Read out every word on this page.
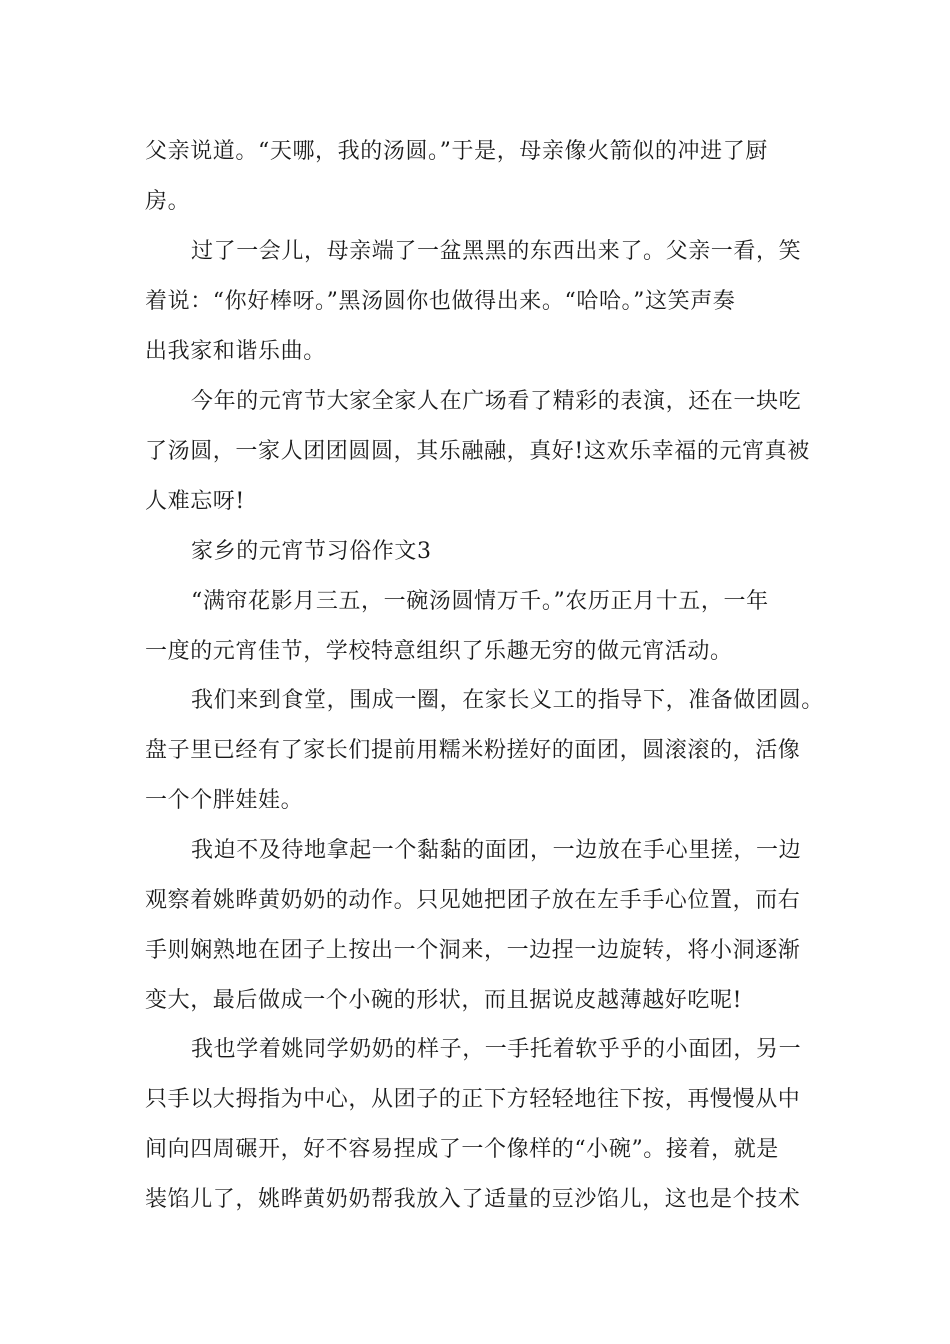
父亲说道。“天哪，我的汤圆。”于是，母亲像火箭似的冲进了厨
房。
过了一会儿，母亲端了一盆黑黑的东西出来了。父亲一看，笑
着说：“你好棒呀。”黑汤圆你也做得出来。“哈哈。”这笑声奏
出我家和谐乐曲。
今年的元宵节大家全家人在广场看了精彩的表演，还在一块吃
了汤圆，一家人团团圆圆，其乐融融，真好!这欢乐幸福的元宵真被
人难忘呀!
家乡的元宵节习俗作文3
“满帘花影月三五，一碗汤圆情万千。”农历正月十五，一年
一度的元宵佳节，学校特意组织了乐趣无穷的做元宵活动。
我们来到食堂，围成一圈，在家长义工的指导下，准备做团圆。
盘子里已经有了家长们提前用糯米粉搓好的面团，圆滚滚的，活像
一个个胖娃娃。
我迫不及待地拿起一个黏黏的面团，一边放在手心里搓，一边
观察着姚晔黄奶奶的动作。只见她把团子放在左手手心位置，而右
手则娴熟地在团子上按出一个洞来，一边捏一边旋转，将小洞逐渐
变大，最后做成一个小碗的形状，而且据说皮越薄越好吃呢!
我也学着姚同学奶奶的样子，一手托着软乎乎的小面团，另一
只手以大拇指为中心，从团子的正下方轻轻地往下按，再慢慢从中
间向四周碾开，好不容易捏成了一个像样的“小碗”。接着，就是
装馅儿了，姚晔黄奶奶帮我放入了适量的豆沙馅儿，这也是个技术
